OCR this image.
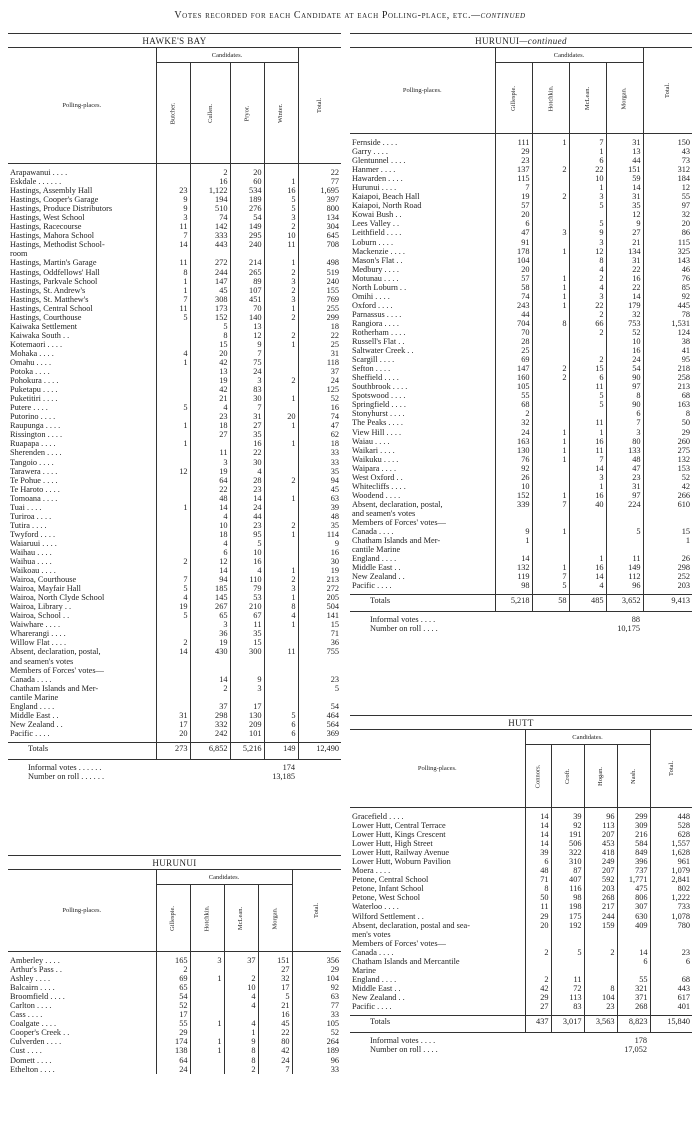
Votes recorded for each Candidate at each Polling-place, etc.—continued
HAWKE'S BAY
Polling-places.	Candidates.				Total.
	Butcher.	Cullen.	Pryor.	Winter.	

Arapawanui . . . .		2	20		22
Eskdale . . . . . .		16	60	1	77
Hastings, Assembly Hall	23	1,122	534	16	1,695
Hastings, Cooper's Garage	9	194	189	5	397
Hastings, Produce Distributors	9	510	276	5	800
Hastings, West School	3	74	54	3	134
Hastings, Racecourse	11	142	149	2	304
Hastings, Mahora School	7	333	295	10	645
Hastings, Methodist School-	14	443	240	11	708
room					
Hastings, Martin's Garage	11	272	214	1	498
Hastings, Oddfellows' Hall	8	244	265	2	519
Hastings, Parkvale School	1	147	89	3	240
Hastings, St. Andrew's	1	45	107	2	155
Hastings, St. Matthew's	7	308	451	3	769
Hastings, Central School	11	173	70	1	255
Hastings, Courthouse	5	152	140	2	299
Kaiwaka Settlement		5	13		18
Kaiwaka South . .		8	12	2	22
Kotemaori . . . .		15	9	1	25
Mohaka . . . .	4	20	7		31
Omahu . . . .	1	42	75		118
Potoka . . . .		13	24		37
Pohokura . . . .		19	3	2	24
Puketapu . . . .		42	83		125
Puketitiri . . . .		21	30	1	52
Putere . . . .	5	4	7		16
Putorino . . . .		23	31	20	74
Raupunga . . . .	1	18	27	1	47
Rissington . . . .		27	35		62
Ruapapa . . . .	1		16	1	18
Sherenden . . . .		11	22		33
Tangoio . . . .		3	30		33
Tarawera . . . .	12	19	4		35
Te Pohue . . . .		64	28	2	94
Te Haroto . . . .		22	23		45
Tomoana . . . .		48	14	1	63
Tuai . . . .	1	14	24		39
Turiroa . . . .		4	44		48
Tutira . . . .		10	23	2	35
Twyford . . . .		18	95	1	114
Waiaruui . . . .		4	5		9
Waihau . . . .		6	10		16
Waihua . . . .	2	12	16		30
Waikoau . . . .		14	4	1	19
Wairoa, Courthouse	7	94	110	2	213
Wairoa, Mayfair Hall	5	185	79	3	272
Wairoa, North Clyde School	4	145	53	1	205
Wairoa, Library . .	19	267	210	8	504
Wairoa, School . .	5	65	67	4	141
Waiwhare . . . .		3	11	1	15
Wharerangi . . . .		36	35		71
Willow Flat . . . .	2	19	15		36
Absent, declaration, postal,	14	430	300	11	755
and seamen's votes					
Members of Forces' votes—					
Canada . . . .		14	9		23
Chatham Islands and Mer-		2	3		5
cantile Marine					
England . . . .		37	17		54
Middle East . .	31	298	130	5	464
New Zealand . .	17	332	209	6	564
Pacific . . . .	20	242	101	6	369

Totals	273	6,852	5,216	149	12,490

Informal votes . . . . . .			174		
Number on roll . . . . . .			13,185		
HURUNUI
Polling-places.	Candidates.				Total.
	Gillespie.	Hotchkin.	McLean.	Morgan.	

Amberley . . . .	165	3	37	151	356
Arthur's Pass . .	2			27	29
Ashley . . . .	69	1	2	32	104
Balcairn . . . .	65		10	17	92
Broomfield . . . .	54		4	5	63
Carlton . . . .	52		4	21	77
Cass . . . .	17			16	33
Coalgate . . . .	55	1	4	45	105
Cooper's Creek . .	29		1	22	52
Culverden . . . .	174	1	9	80	264
Cust . . . .	138	1	8	42	189
Domett . . . .	64		8	24	96
Ethelton . . . .	24		2	7	33
HURUNUI—continued
Polling-places.	Candidates.				Total.
	Gillespie.	Hotchkin.	McLean.	Morgan.	

Fernside . . . .	111	1	7	31	150
Garry . . . .	29		1	13	43
Glentunnel . . . .	23		6	44	73
Hanmer . . . .	137	2	22	151	312
Hawarden . . . .	115		10	59	184
Hurunui . . . .	7		1	14	12
Kaiapoi, Beach Hall	19	2	3	31	55
Kaiapoi, North Road	57		5	35	97
Kowai Bush . .	20			12	32
Lees Valley . .	6		5	9	20
Leithfield . . . .	47	3	9	27	86
Loburn . . . .	91		3	21	115
Mackenzie . . . .	178	1	12	134	325
Mason's Flat . .	104		8	31	143
Medbury . . . .	20		4	22	46
Motunau . . . .	57	1	2	16	76
North Loburn . .	58	1	4	22	85
Omihi . . . .	74	1	3	14	92
Oxford . . . .	243	1	22	179	445
Parnassus . . . .	44		2	32	78
Rangiora . . . .	704	8	66	753	1,531
Rotherham . . . .	70		2	52	124
Russell's Flat . .	28			10	38
Saltwater Creek . .	25			16	41
Scargill . . . .	69		2	24	95
Sefton . . . .	147	2	15	54	218
Sheffield . . . .	160	2	6	90	258
Southbrook . . . .	105		11	97	213
Spotswood . . . .	55		5	8	68
Springfield . . . .	68		5	90	163
Stonyhurst . . . .	2			6	8
The Peaks . . . .	32		11	7	50
View Hill . . . .	24	1	1	3	29
Waiau . . . .	163	1	16	80	260
Waikari . . . .	130	1	11	133	275
Waikuku . . . .	76	1	7	48	132
Waipara . . . .	92		14	47	153
West Oxford . .	26		3	23	52
Whitecliffs . . . .	10		1	31	42
Woodend . . . .	152	1	16	97	266
Absent, declaration, postal,	339	7	40	224	610
and seamen's votes					
Members of Forces' votes—					
Canada . . . .	9	1		5	15
Chatham Islands and Mer-	1				1
cantile Marine					
England . . . .	14		1	11	26
Middle East . .	132	1	16	149	298
New Zealand . .	119	7	14	112	252
Pacific . . . .	98	5	4	96	203

Totals	5,218	58	485	3,652	9,413

Informal votes . . . .			88		
Number on roll . . . .			10,175		
HUTT
Polling-places.	Candidates.				Total.
	Connors.	Croft.	Hogan.	Nash.	

Gracefield . . . .	14	39	96	299	448
Lower Hutt, Central Terrace	14	92	113	309	528
Lower Hutt, Kings Crescent	14	191	207	216	628
Lower Hutt, High Street	14	506	453	584	1,557
Lower Hutt, Railway Avenue	39	322	418	849	1,628
Lower Hutt, Woburn Pavilion	6	310	249	396	961
Moera . . . .	48	87	207	737	1,079
Petone, Central School	71	407	592	1,771	2,841
Petone, Infant School	8	116	203	475	802
Petone, West School	50	98	268	806	1,222
Waterloo . . . .	11	198	217	307	733
Wilford Settlement . .	29	175	244	630	1,078
Absent, declaration, postal and sea-	20	192	159	409	780
men's votes					
Members of Forces' votes—					
Canada . . . .	2	5	2	14	23
Chatham Islands and Mercantile				6	6
Marine					
England . . . .	2	11		55	68
Middle East . .	42	72	8	321	443
New Zealand . .	29	113	104	371	617
Pacific . . . .	27	83	23	268	401

Totals	437	3,017	3,563	8,823	15,840

Informal votes . . . .			178		
Number on roll . . . .			17,052		
